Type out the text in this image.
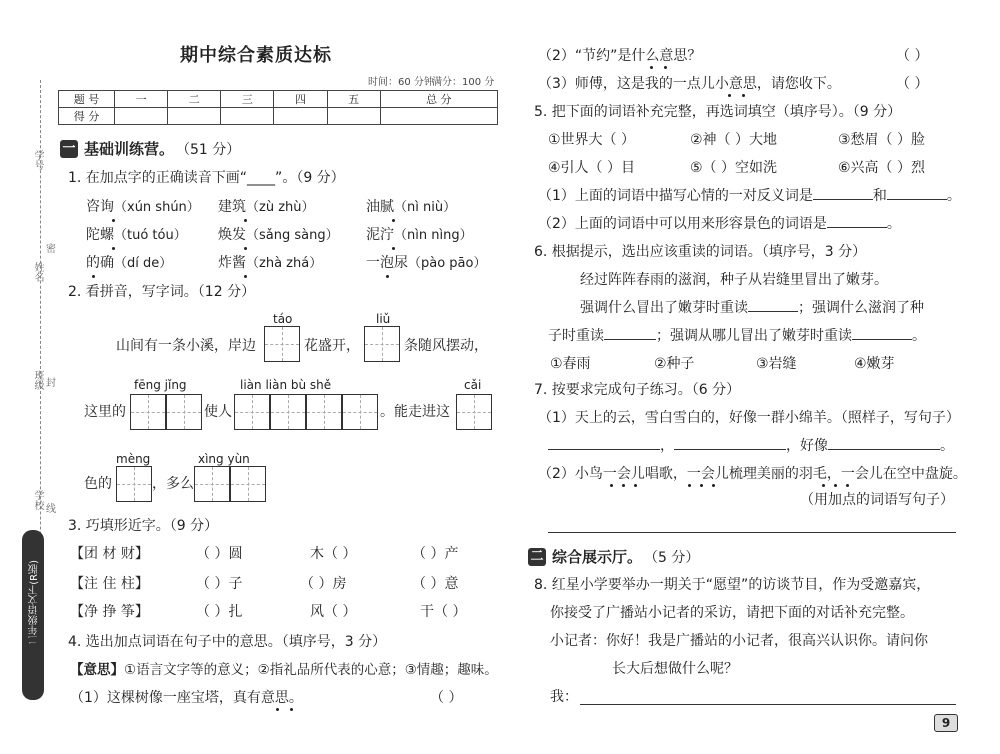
学号
密
姓名
封
班级
学校 线
二年级语文下(R版)
期中综合素质达标
时间：60 分钟
满分：100 分
题 号	一	二	三	四	五	总 分
得 分						
一 基础训练营。 （51 分）
1. 在加点字的正确读音下画“____”。（9 分）
咨询（xún shún） 建筑（zù zhù）	油腻（nì niù）
陀螺（tuó tóu） 焕发（sǎng sàng） 泥泞（nìn nìng）
的确（dí de）	炸酱（zhà zhá）	一泡尿（pào pāo）
2. 看拼音，写字词。（12 分）
táo	liǔ
山间有一条小溪，岸边	花盛开，	条随风摆动，
fēng jǐng	liàn liàn bù shě	cǎi
这里的	使人	。能走进这
mèng	xìng yùn
色的	，多么
3. 巧填形近字。（9 分）
【团 材 财】	（ ）圆	木（ ）	（ ）产
【注 住 柱】	（ ）子	（ ）房	（ ）意
【净 挣 筝】	（ ）扎	风（ ）	干（ ）
4. 选出加点词语在句子中的意思。（填序号，3 分）
【意思】①语言文字等的意义；②指礼品所代表的心意；③情趣；趣味。
（1）这棵树像一座宝塔，真有意思。	（ ）
（2）“节约”是什么意思？	（ ）
（3）师傅，这是我的一点儿小意思，请您收下。	（ ）
5. 把下面的词语补充完整，再选词填空（填序号）。（9 分）
①世界大（ ）	②神（ ）大地	③愁眉（ ）脸
④引人（ ）目	⑤（ ）空如洗	⑥兴高（ ）烈
（1）上面的词语中描写心情的一对反义词是	和	。
（2）上面的词语中可以用来形容景色的词语是	。
6. 根据提示，选出应该重读的词语。（填序号，3 分）
经过阵阵春雨的滋润，种子从岩缝里冒出了嫩芽。
强调什么冒出了嫩芽时重读	；强调什么滋润了种
子时重读	；强调从哪儿冒出了嫩芽时重读	。
①春雨	②种子	③岩缝	④嫩芽
7. 按要求完成句子练习。（6 分）
（1）天上的云，雪白雪白的，好像一群小绵羊。（照样子，写句子）
，	，好像	。
（2）小鸟一会儿唱歌，一会儿梳理美丽的羽毛，一会儿在空中盘旋。
（用加点的词语写句子）
二 综合展示厅。 （5 分）
8. 红星小学要举办一期关于“愿望”的访谈节目，作为受邀嘉宾，
你接受了广播站小记者的采访，请把下面的对话补充完整。
小记者：你好！我是广播站的小记者，很高兴认识你。请问你
长大后想做什么呢？
我：
9
